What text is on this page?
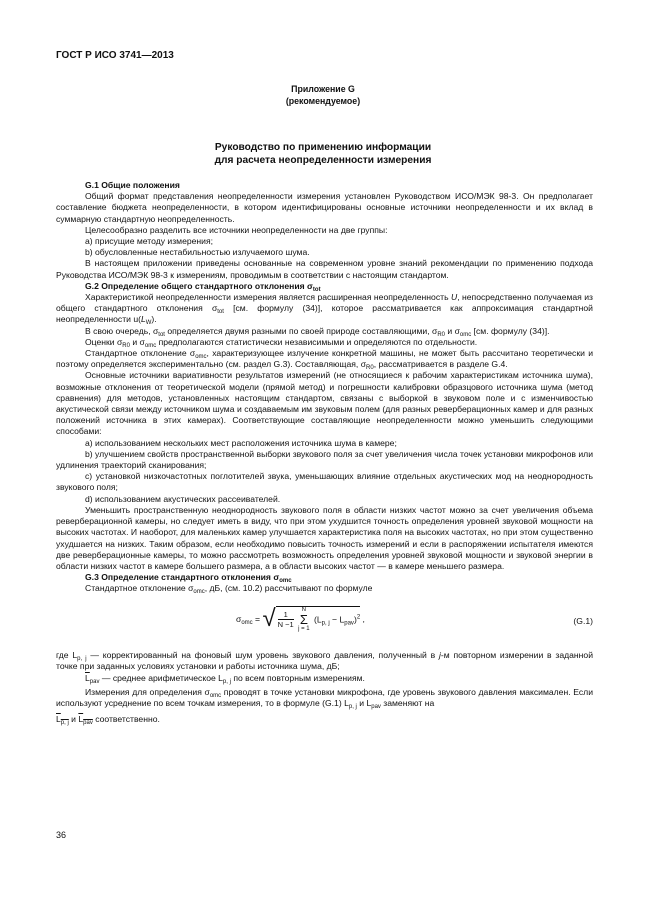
ГОСТ Р ИСО 3741—2013
Приложение G
(рекомендуемое)
Руководство по применению информации
для расчета неопределенности измерения

G.1 Общие положения

Общий формат представления неопределенности измерения установлен Руководством ИСО/МЭК 98-3. Он предполагает составление бюджета неопределенности, в котором идентифицированы основные источники неопределенности и их вклад в суммарную стандартную неопределенность.

Целесообразно разделить все источники неопределенности на две группы:

a) присущие методу измерения;

b) обусловленные нестабильностью излучаемого шума.

В настоящем приложении приведены основанные на современном уровне знаний рекомендации по применению подхода Руководства ИСО/МЭК 98-3 к измерениям, проводимым в соответствии с настоящим стандартом.

G.2 Определение общего стандартного отклонения $\sigma_{tot}$

Характеристикой неопределенности измерения является расширенная неопределенность U, непосредственно получаемая из общего стандартного отклонения $\sigma_{tot}$ [см. формулу (34)], которое рассматривается как аппроксимация стандартной неопределенности $u(L_W)$.

В свою очередь, $\sigma_{tot}$ определяется двумя разными по своей природе составляющими, $\sigma_{R0}$ и $\sigma_{omc}$ [см. формулу (34)].

Оценки $\sigma_{R0}$ и $\sigma_{omc}$ предполагаются статистически независимыми и определяются по отдельности.

Стандартное отклонение $\sigma_{omc}$, характеризующее излучение конкретной машины, не может быть рассчитано теоретически и поэтому определяется экспериментально (см. раздел G.3). Составляющая, $\sigma_{R0}$, рассматривается в разделе G.4.

Основные источники вариативности результатов измерений (не относящиеся к рабочим характеристикам источника шума), возможные отклонения от теоретической модели (прямой метод) и погрешности калибровки образцового источника шума (метод сравнения) для методов, установленных настоящим стандартом, связаны с выборкой в звуковом поле и с изменчивостью акустической связи между источником шума и создаваемым им звуковым полем (для разных реверберационных камер и для разных положений источника в этих камерах). Соответствующие составляющие неопределенности можно уменьшить следующими способами:

a) использованием нескольких мест расположения источника шума в камере;

b) улучшением свойств пространственной выборки звукового поля за счет увеличения числа точек установки микрофонов или удлинения траекторий сканирования;

c) установкой низкочастотных поглотителей звука, уменьшающих влияние отдельных акустических мод на неоднородность звукового поля;

d) использованием акустических рассеивателей.

Уменьшить пространственную неоднородность звукового поля в области низких частот можно за счет увеличения объема реверберационной камеры, но следует иметь в виду, что при этом ухудшится точность определения уровней звуковой мощности на высоких частотах. И наоборот, для маленьких камер улучшается характеристика поля на высоких частотах, но при этом существенно ухудшается на низких. Таким образом, если необходимо повысить точность измерений и если в распоряжении испытателя имеются две реверберационные камеры, то можно рассмотреть возможность определения уровней звуковой мощности и звуковой энергии в области низких частот в камере большего размера, а в области высоких частот — в камере меньшего размера.

G.3 Определение стандартного отклонения $\sigma_{omc}$

Стандартное отклонение $\sigma_{omc}$, дБ, (см. 10.2) рассчитывают по формуле

$\sigma_{omc}$ = √ $\frac{1}{N -1}$

N
Σ
j = 1
$(L_{p, j} - L_{pav})^2$ ,	(G.1)

где $L_{p, j}$ — корректированный на фоновый шум уровень звукового давления, полученный в j-м повторном измерении в заданной точке при заданных условиях установки и работы источника шума, дБ;

$\overline{L}_{pav}$ — среднее арифметическое $L_{p, j}$ по всем повторным измерениям.

Измерения для определения $\sigma_{omc}$ проводят в точке установки микрофона, где уровень звукового давления максимален. Если используют усреднение по всем точкам измерения, то в формуле (G.1) $L_{p, j}$ и $L_{pav}$ заменяют на

$\overline{L}_{p, j}$ и $\overline{L}_{\overline{pav}}$ соответственно.

36
